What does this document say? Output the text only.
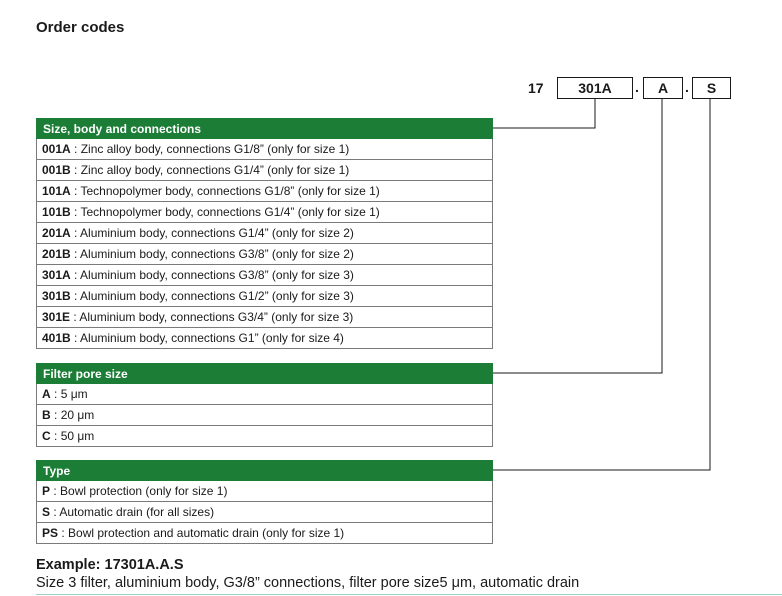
Order codes
17	301A	.	A	.	S
Size, body and connections
001A : Zinc alloy body, connections G1/8” (only for size 1)
001B : Zinc alloy body, connections G1/4” (only for size 1)
101A : Technopolymer body, connections G1/8” (only for size 1)
101B : Technopolymer body, connections G1/4” (only for size 1)
201A : Aluminium body, connections G1/4” (only for size 2)
201B : Aluminium body, connections G3/8” (only for size 2)
301A : Aluminium body, connections G3/8” (only for size 3)
301B : Aluminium body, connections G1/2” (only for size 3)
301E : Aluminium body, connections G3/4” (only for size 3)
401B : Aluminium body, connections G1” (only for size 4)
Filter pore size
A : 5 μm
B : 20 μm
C : 50 μm
Type
P : Bowl protection (only for size 1)
S : Automatic drain (for all sizes)
PS : Bowl protection and automatic drain (only for size 1)
Example: 17301A.A.S
Size 3 filter, aluminium body, G3/8” connections, filter pore size5 μm, automatic drain
